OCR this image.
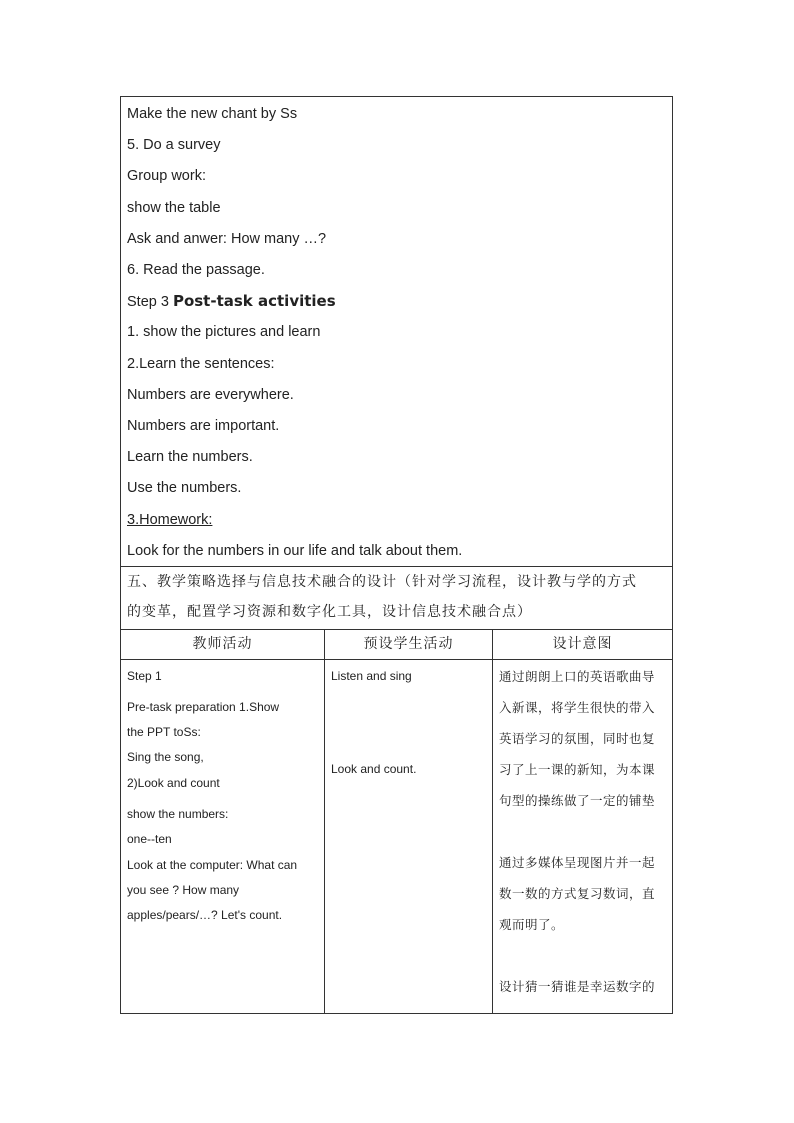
Make the new chant by Ss
5. Do a survey
Group work:
show the table
Ask and anwer: How many …?
6. Read the passage.
Step 3 Post-task activities
1. show the pictures and learn
2.Learn the sentences:
Numbers are everywhere.
Numbers are important.
Learn the numbers.
Use the numbers.
3.Homework:
Look for the numbers in our life and talk about them.
五、教学策略选择与信息技术融合的设计（针对学习流程，设计教与学的方式
的变革，配置学习资源和数字化工具，设计信息技术融合点）
教师活动	预设学生活动	设计意图
Step 1
Pre-task preparation 1.Show
the PPT toSs:
Sing the song,
2)Look and count
show the numbers:
one--ten
Look at the computer: What can
you see ? How many
apples/pears/…? Let's count.
Listen and sing
Look and count.
通过朗朗上口的英语歌曲导
入新课，将学生很快的带入
英语学习的氛围，同时也复
习了上一课的新知，为本课
句型的操练做了一定的铺垫
通过多媒体呈现图片并一起
数一数的方式复习数词，直
观而明了。
设计猜一猜谁是幸运数字的
